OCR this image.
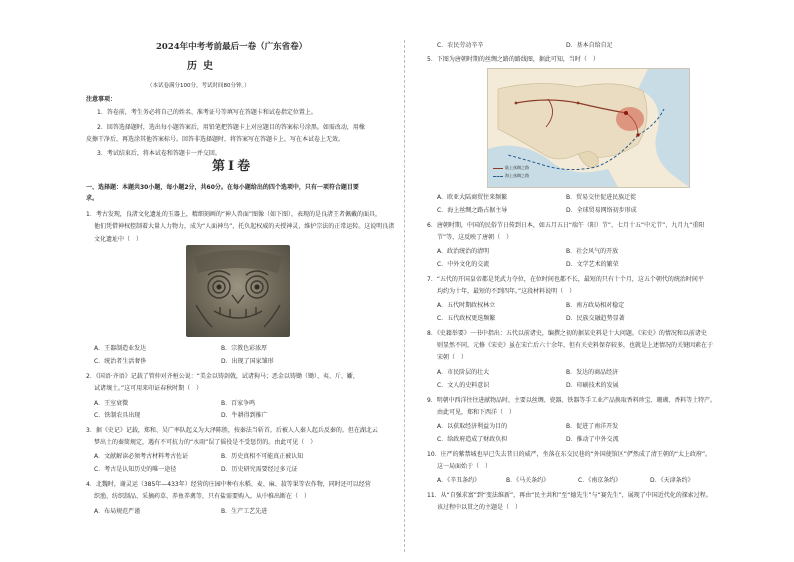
2024年中考考前最后一卷（广东省卷）
历史
（本试卷满分100分，考试时间80分钟。）
注意事项：
1．答卷前，考生务必将自己的姓名、准考证号等填写在答题卡和试卷指定位置上。
2．回答选择题时，选出每小题答案后，用铅笔把答题卡上对应题目的答案标号涂黑。如需改动，用橡
皮擦干净后，再选涂其他答案标号。回答非选择题时，将答案写在答题卡上，写在本试卷上无效。
3．考试结束后，将本试卷和答题卡一并交回。
第Ⅰ卷
一、选择题：本题共30小题，每小题2分，共60分。在每小题给出的四个选项中，只有一项符合题目要
求。
1．考古发现，良渚文化遗址的玉器上，精细刻画的“神人兽面”图像（如下图），表现的是良渚王者佩戴的面具，
他们凭借神权控制着大量人力物力，成为“人面神鸟”，托负起权威的天授神灵，维护宗法的正常运转。这说明良渚
文化遗址中（　）
A．王器制造业发达	B．宗教色彩浓厚
C．统治者生活奢侈	D．出现了国家雏形
2．《国语·齐语》记载了管仲对齐桓公说：“美金以铸剑戟，试诸狗马；恶金以铸锄（锄）、夷、斤、斸，
试诸壤土。”这可用来印证春秋时期（　）
A．王室衰微	B．百家争鸣
C．铁制农具出现	D．牛耕得到推广
3．据《史记》记载，郑和、吴广率队起义为大泽陈胜，按秦法当斩首。后被人人秦人起兵反秦的。但在湖北云
梦出土的秦简规定，遇有不可抗力的“水雨”误了徭役是不受惩罚的。由此可见（　）
A．文献解读必须考古材料考古佐证	B．历史真相不可能真正被认知
C．考古是认知历史的唯一途径	D．历史研究需要经过多元证
4．北魏时，谢灵运（385年—433年）经营的庄园中种有水稻、麦、麻、菽等果等农作物，同时还可以经营
织渔、纺织制品、采摘药草、养鱼养禽等，只有盐需要购入。从中推出断在（　）
A．布局规范严谨	B．生产工艺先进
C．农民劳动辛辛	D．基本自给自足
5．下图为唐朝时期的丝绸之路的路线图，据此可知，当时（　）
陆上丝绸之路
海上丝绸之路
A．欧亚大陆商贸往来频繁	B．贸易交往促进民族迁徙
C．海上丝绸之路占据主导	D．全球贸易网络初步形成
6．唐朝时期，中国的民俗节日传到日本，如五月五日“端午（阳）节”、七月十五“中元节”、九月九“重阳
节”等，这反映了唐朝（　）
A．政治统治的清明	B．社会风气的开放
C．中外文化的交流	D．文学艺术的繁荣
7．“五代的开国皇帝都是凭武力夺位，在位时间也都不长，最短的只有十个月，这五个朝代的统治时间平
均约为十年，最短的不到四年。”这段材料说明（　）
A．五代时期政权林立	B．南方政局相对稳定
C．五代政权更迭频繁	D．民族交融趋势显著
8．《史籍举要》一书中指出：五代以前诸史，编撰之初的据某史料是十大问题。《宋史》的情况和以前诸史
则显然不同，元修《宋史》虽在宋亡后六十余年，但有关史料保存较多，也就是上述情况的关键因素在于
宋朝（　）
A．市民阶层的壮大	B．发达的商品经济
C．文人的史料意识	D．印刷技术的发展
9．明朝中西洋往往进献物品时，主要以丝绸、瓷器、铁器等手工业产品换取香料珍宝、珊瑚、香料等土特产。
由此可见，郑和下西洋（　）
A．以获取经济利益为目的	B．促进了南洋开发
C．给政府造成了财政负担	D．推动了中外交流
10．庄严的紫禁城也早已失去昔日的威严，坐落在东交民巷的“外国使馆区”俨然成了清王朝的“太上政府”。
这一局面始于（　）
A．《辛丑条约》	B．《马关条约》	C．《南京条约》	D．《天津条约》
11．从“自强求富”到“变法维新”，再由“民主共和”至“德先生”与“赛先生”，展现了中国近代化的探索过程。
该过程中以贯之的主题是（　）
